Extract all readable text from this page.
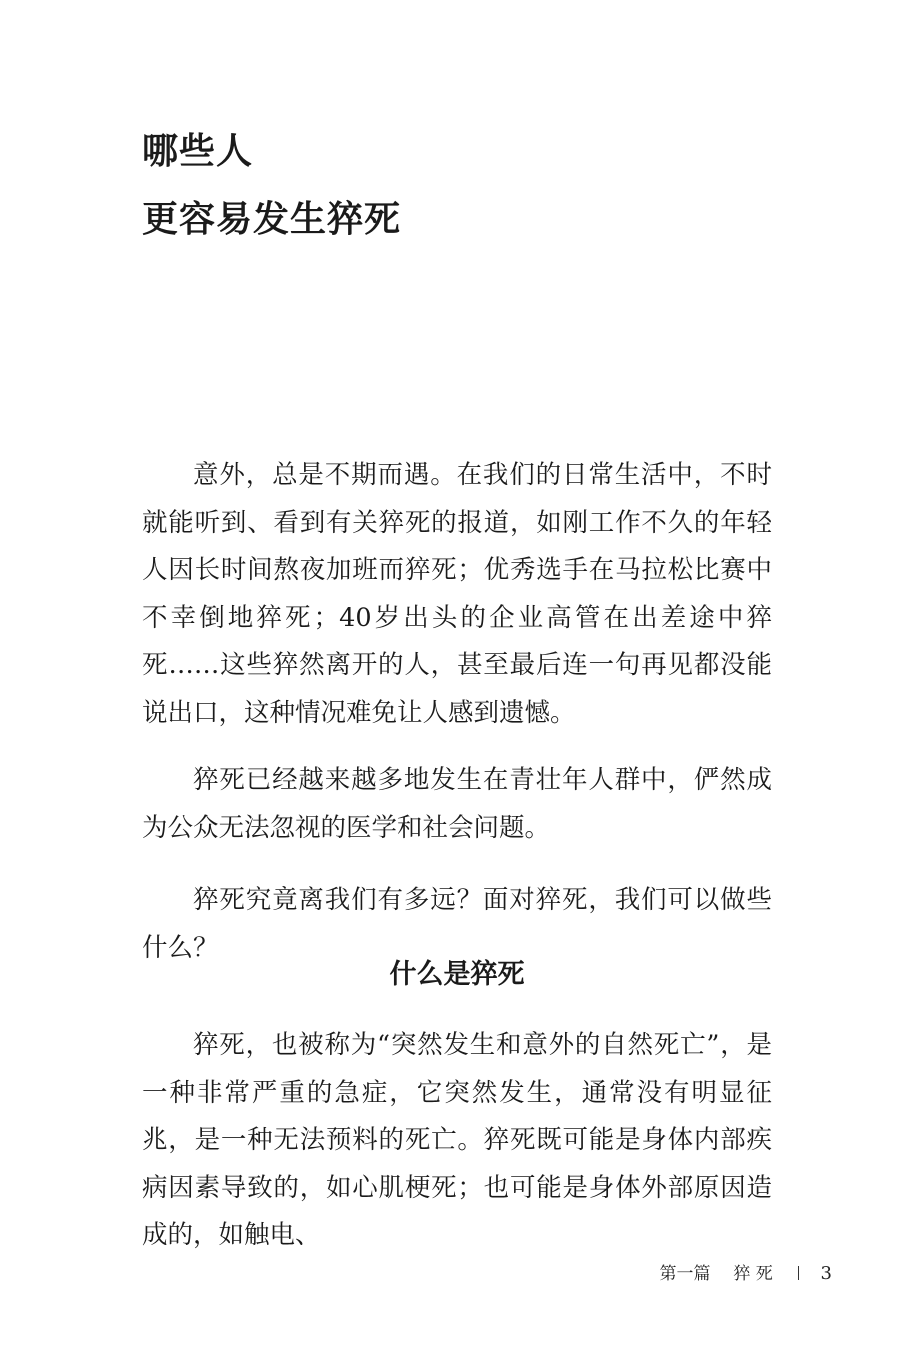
哪些人
更容易发生猝死

意外，总是不期而遇。在我们的日常生活中，不时就能听到、看到有关猝死的报道，如刚工作不久的年轻人因长时间熬夜加班而猝死；优秀选手在马拉松比赛中不幸倒地猝死；40岁出头的企业高管在出差途中猝死……这些猝然离开的人，甚至最后连一句再见都没能说出口，这种情况难免让人感到遗憾。

猝死已经越来越多地发生在青壮年人群中，俨然成为公众无法忽视的医学和社会问题。

猝死究竟离我们有多远？面对猝死，我们可以做些什么？

什么是猝死

猝死，也被称为“突然发生和意外的自然死亡”，是一种非常严重的急症，它突然发生，通常没有明显征兆，是一种无法预料的死亡。猝死既可能是身体内部疾病因素导致的，如心肌梗死；也可能是身体外部原因造成的，如触电、

第一篇 猝 死	3
